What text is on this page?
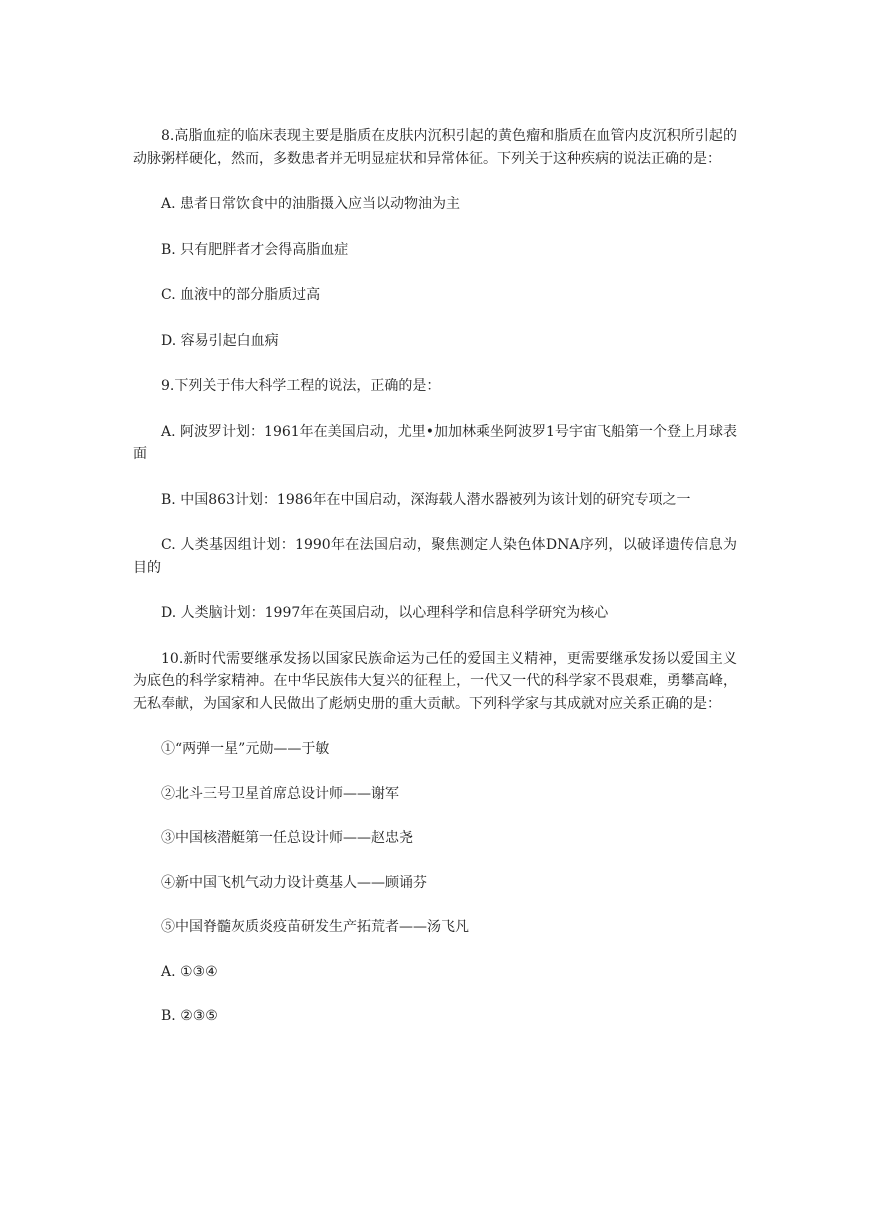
8.高脂血症的临床表现主要是脂质在皮肤内沉积引起的黄色瘤和脂质在血管内皮沉积所引起的动脉粥样硬化，然而，多数患者并无明显症状和异常体征。下列关于这种疾病的说法正确的是：

A. 患者日常饮食中的油脂摄入应当以动物油为主

B. 只有肥胖者才会得高脂血症

C. 血液中的部分脂质过高

D. 容易引起白血病

9.下列关于伟大科学工程的说法，正确的是：

A. 阿波罗计划：1961年在美国启动，尤里•加加林乘坐阿波罗1号宇宙飞船第一个登上月球表面

B. 中国863计划：1986年在中国启动，深海载人潜水器被列为该计划的研究专项之一

C. 人类基因组计划：1990年在法国启动，聚焦测定人染色体DNA序列，以破译遗传信息为目的

D. 人类脑计划：1997年在英国启动，以心理科学和信息科学研究为核心

10.新时代需要继承发扬以国家民族命运为己任的爱国主义精神，更需要继承发扬以爱国主义为底色的科学家精神。在中华民族伟大复兴的征程上，一代又一代的科学家不畏艰难，勇攀高峰，无私奉献，为国家和人民做出了彪炳史册的重大贡献。下列科学家与其成就对应关系正确的是：

①“两弹一星”元勋——于敏

②北斗三号卫星首席总设计师——谢军

③中国核潜艇第一任总设计师——赵忠尧

④新中国飞机气动力设计奠基人——顾诵芬

⑤中国脊髓灰质炎疫苗研发生产拓荒者——汤飞凡

A. ①③④

B. ②③⑤
